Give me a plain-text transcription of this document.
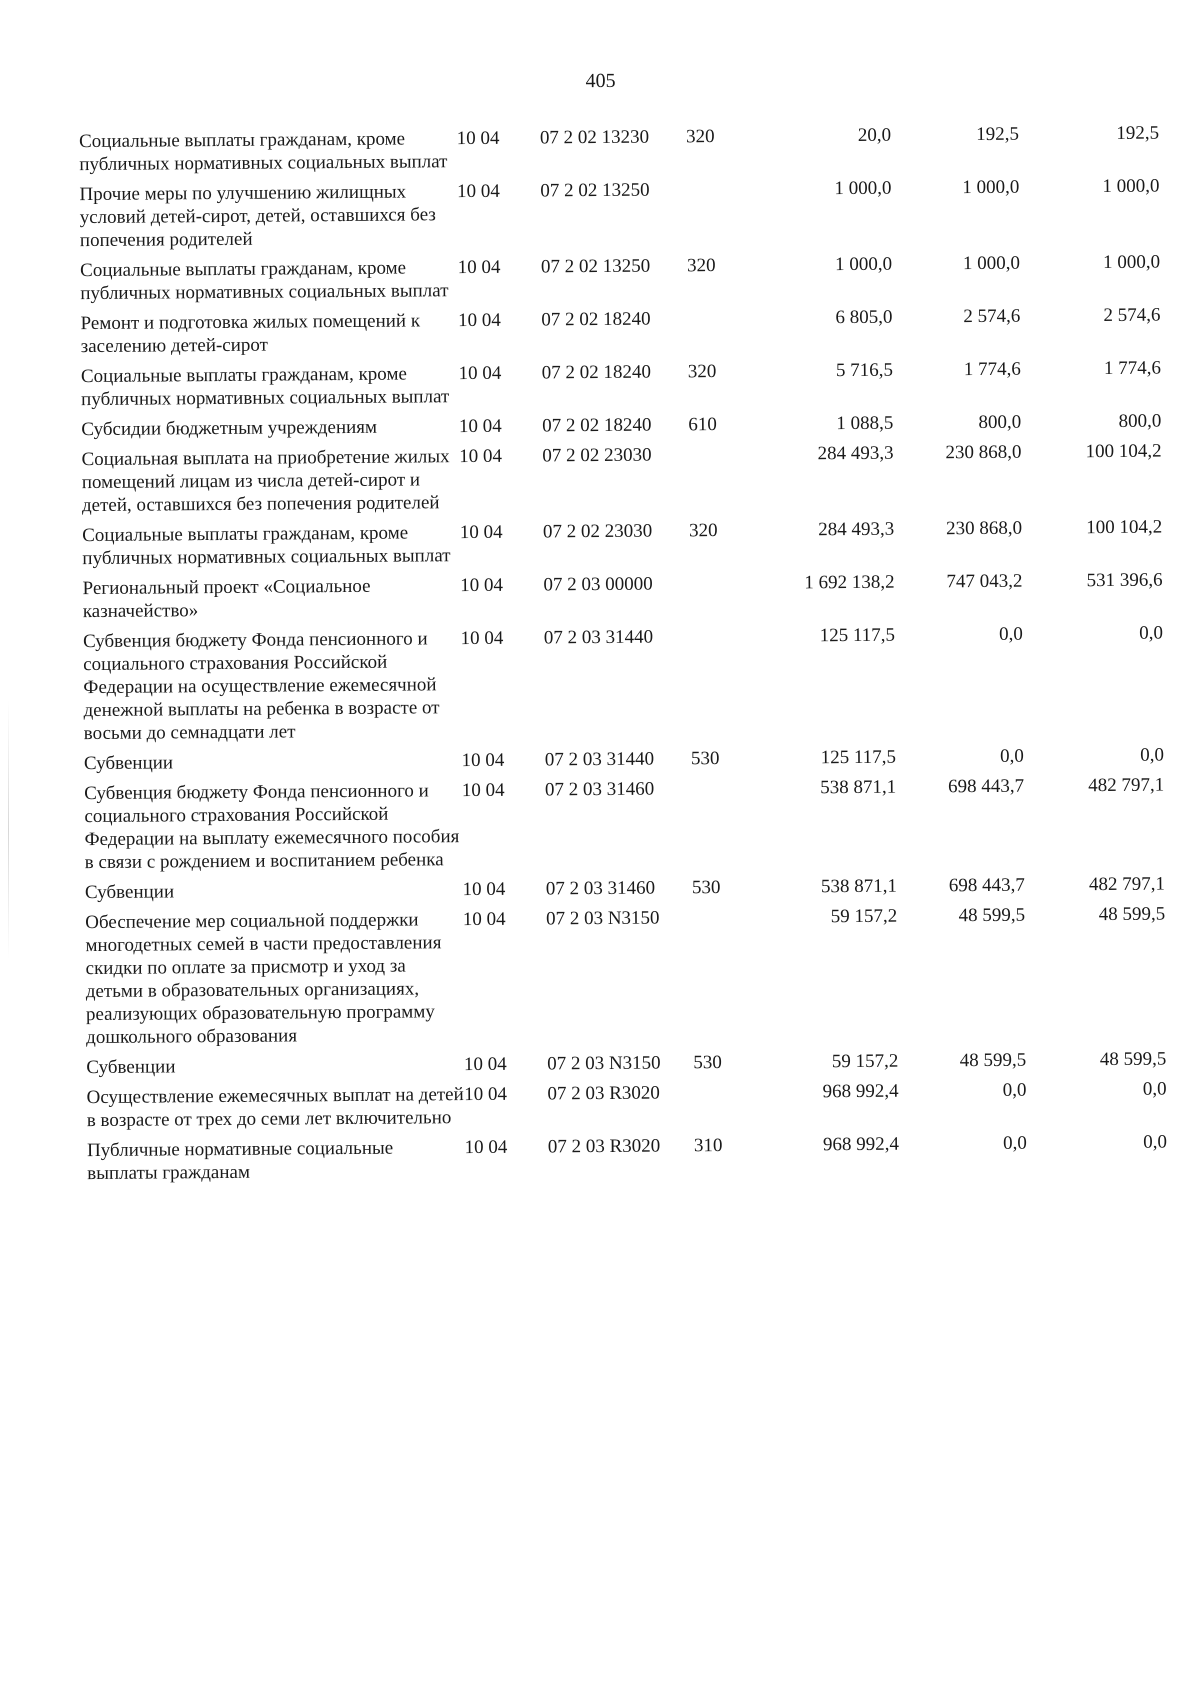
405
Социальные выплаты гражданам, кроме публичных нормативных социальных выплат	10 04	07 2 02 13230	320	20,0	192,5	192,5
Прочие меры по улучшению жилищных условий детей-сирот, детей, оставшихся без попечения родителей	10 04	07 2 02 13250		1 000,0	1 000,0	1 000,0
Социальные выплаты гражданам, кроме публичных нормативных социальных выплат	10 04	07 2 02 13250	320	1 000,0	1 000,0	1 000,0
Ремонт и подготовка жилых помещений к заселению детей-сирот	10 04	07 2 02 18240		6 805,0	2 574,6	2 574,6
Социальные выплаты гражданам, кроме публичных нормативных социальных выплат	10 04	07 2 02 18240	320	5 716,5	1 774,6	1 774,6
Субсидии бюджетным учреждениям	10 04	07 2 02 18240	610	1 088,5	800,0	800,0
Социальная выплата на приобретение жилых помещений лицам из числа детей-сирот и детей, оставшихся без попечения родителей	10 04	07 2 02 23030		284 493,3	230 868,0	100 104,2
Социальные выплаты гражданам, кроме публичных нормативных социальных выплат	10 04	07 2 02 23030	320	284 493,3	230 868,0	100 104,2
Региональный проект «Социальное казначейство»	10 04	07 2 03 00000		1 692 138,2	747 043,2	531 396,6
Субвенция бюджету Фонда пенсионного и социального страхования Российской Федерации на осуществление ежемесячной денежной выплаты на ребенка в возрасте от восьми до семнадцати лет	10 04	07 2 03 31440		125 117,5	0,0	0,0
Субвенции	10 04	07 2 03 31440	530	125 117,5	0,0	0,0
Субвенция бюджету Фонда пенсионного и социального страхования Российской Федерации на выплату ежемесячного пособия в связи с рождением и воспитанием ребенка	10 04	07 2 03 31460		538 871,1	698 443,7	482 797,1
Субвенции	10 04	07 2 03 31460	530	538 871,1	698 443,7	482 797,1
Обеспечение мер социальной поддержки многодетных семей в части предоставления скидки по оплате за присмотр и уход за детьми в образовательных организациях, реализующих образовательную программу дошкольного образования	10 04	07 2 03 N3150		59 157,2	48 599,5	48 599,5
Субвенции	10 04	07 2 03 N3150	530	59 157,2	48 599,5	48 599,5
Осуществление ежемесячных выплат на детей в возрасте от трех до семи лет включительно	10 04	07 2 03 R3020		968 992,4	0,0	0,0
Публичные нормативные социальные выплаты гражданам	10 04	07 2 03 R3020	310	968 992,4	0,0	0,0
